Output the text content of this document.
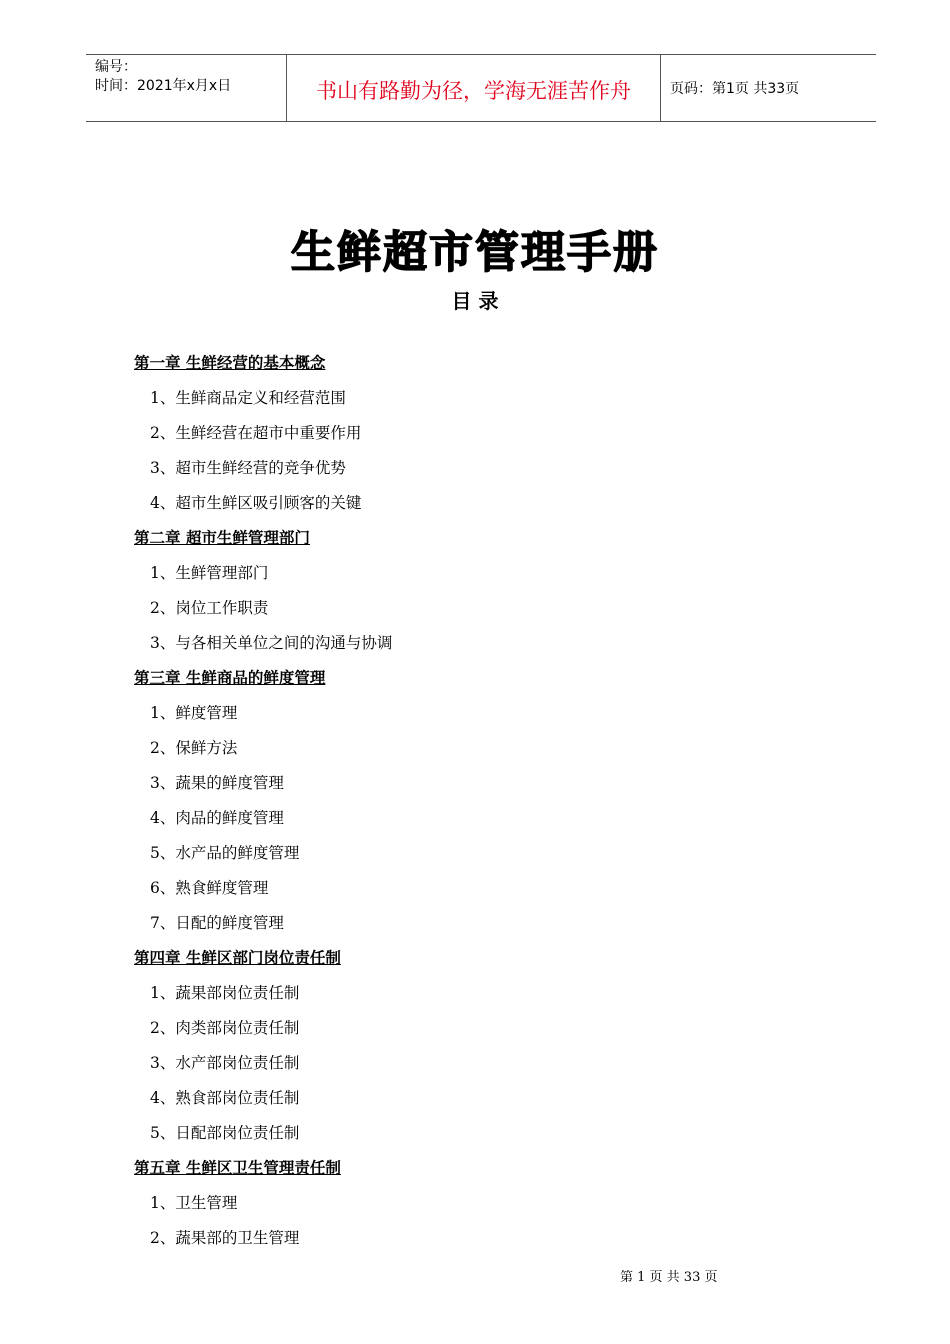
编号：
时间：2021年x月x日	书山有路勤为径，学海无涯苦作舟	页码：第1页 共33页
生鲜超市管理手册
目 录
第一章 生鲜经营的基本概念
1、生鲜商品定义和经营范围
2、生鲜经营在超市中重要作用
3、超市生鲜经营的竞争优势
4、超市生鲜区吸引顾客的关键
第二章 超市生鲜管理部门
1、生鲜管理部门
2、岗位工作职责
3、与各相关单位之间的沟通与协调
第三章 生鲜商品的鲜度管理
1、鲜度管理
2、保鲜方法
3、蔬果的鲜度管理
4、肉品的鲜度管理
5、水产品的鲜度管理
6、熟食鲜度管理
7、日配的鲜度管理
第四章 生鲜区部门岗位责任制
1、蔬果部岗位责任制
2、肉类部岗位责任制
3、水产部岗位责任制
4、熟食部岗位责任制
5、日配部岗位责任制
第五章 生鲜区卫生管理责任制
1、卫生管理
2、蔬果部的卫生管理
第 1 页 共 33 页
